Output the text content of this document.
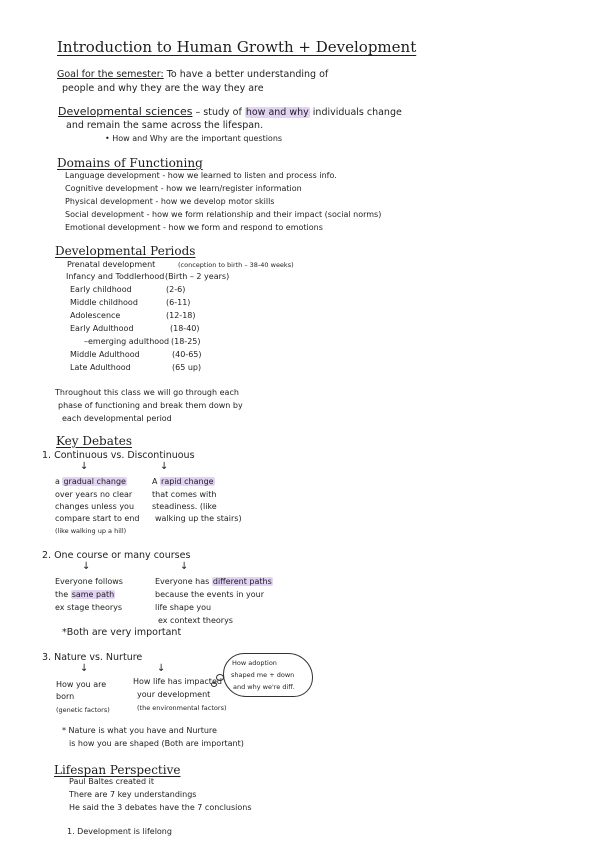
Introduction to Human Growth + Development
Goal for the semester: To have a better understanding of
people and why they are the way they are
Developmental sciences – study of how and why individuals change
and remain the same across the lifespan.
• How and Why are the important questions
Domains of Functioning
Language development - how we learned to listen and process info.
Cognitive development - how we learn/register information
Physical development - how we develop motor skills
Social development - how we form relationship and their impact (social norms)
Emotional development - how we form and respond to emotions
Developmental Periods
Prenatal development	(conception to birth – 38-40 weeks)
Infancy and Toddlerhood (Birth – 2 years)
Early childhood	(2-6)
Middle childhood	(6-11)
Adolescence	(12-18)
Early Adulthood	(18-40)
–emerging adulthood (18-25)
Middle Adulthood	(40-65)
Late Adulthood	(65 up)
Throughout this class we will go through each
phase of functioning and break them down by
each developmental period
Key Debates
1. Continuous vs. Discontinuous
↓	↓
a gradual change
over years no clear
changes unless you
compare start to end
(like walking up a hill)
A rapid change
that comes with
steadiness. (like
walking up the stairs)
2. One course or many courses
↓	↓
Everyone follows
the same path
ex stage theorys
Everyone has different paths
because the events in your
life shape you
ex context theorys
*Both are very important
3. Nature vs. Nurture
↓	↓
How you are
born
(genetic factors)
How life has impacted
your development
(the environmental factors)
How adoption
shaped me + down
and why we're diff.
* Nature is what you have and Nurture
is how you are shaped (Both are important)
Lifespan Perspective
Paul Baltes created it
There are 7 key understandings
He said the 3 debates have the 7 conclusions
1. Development is lifelong
